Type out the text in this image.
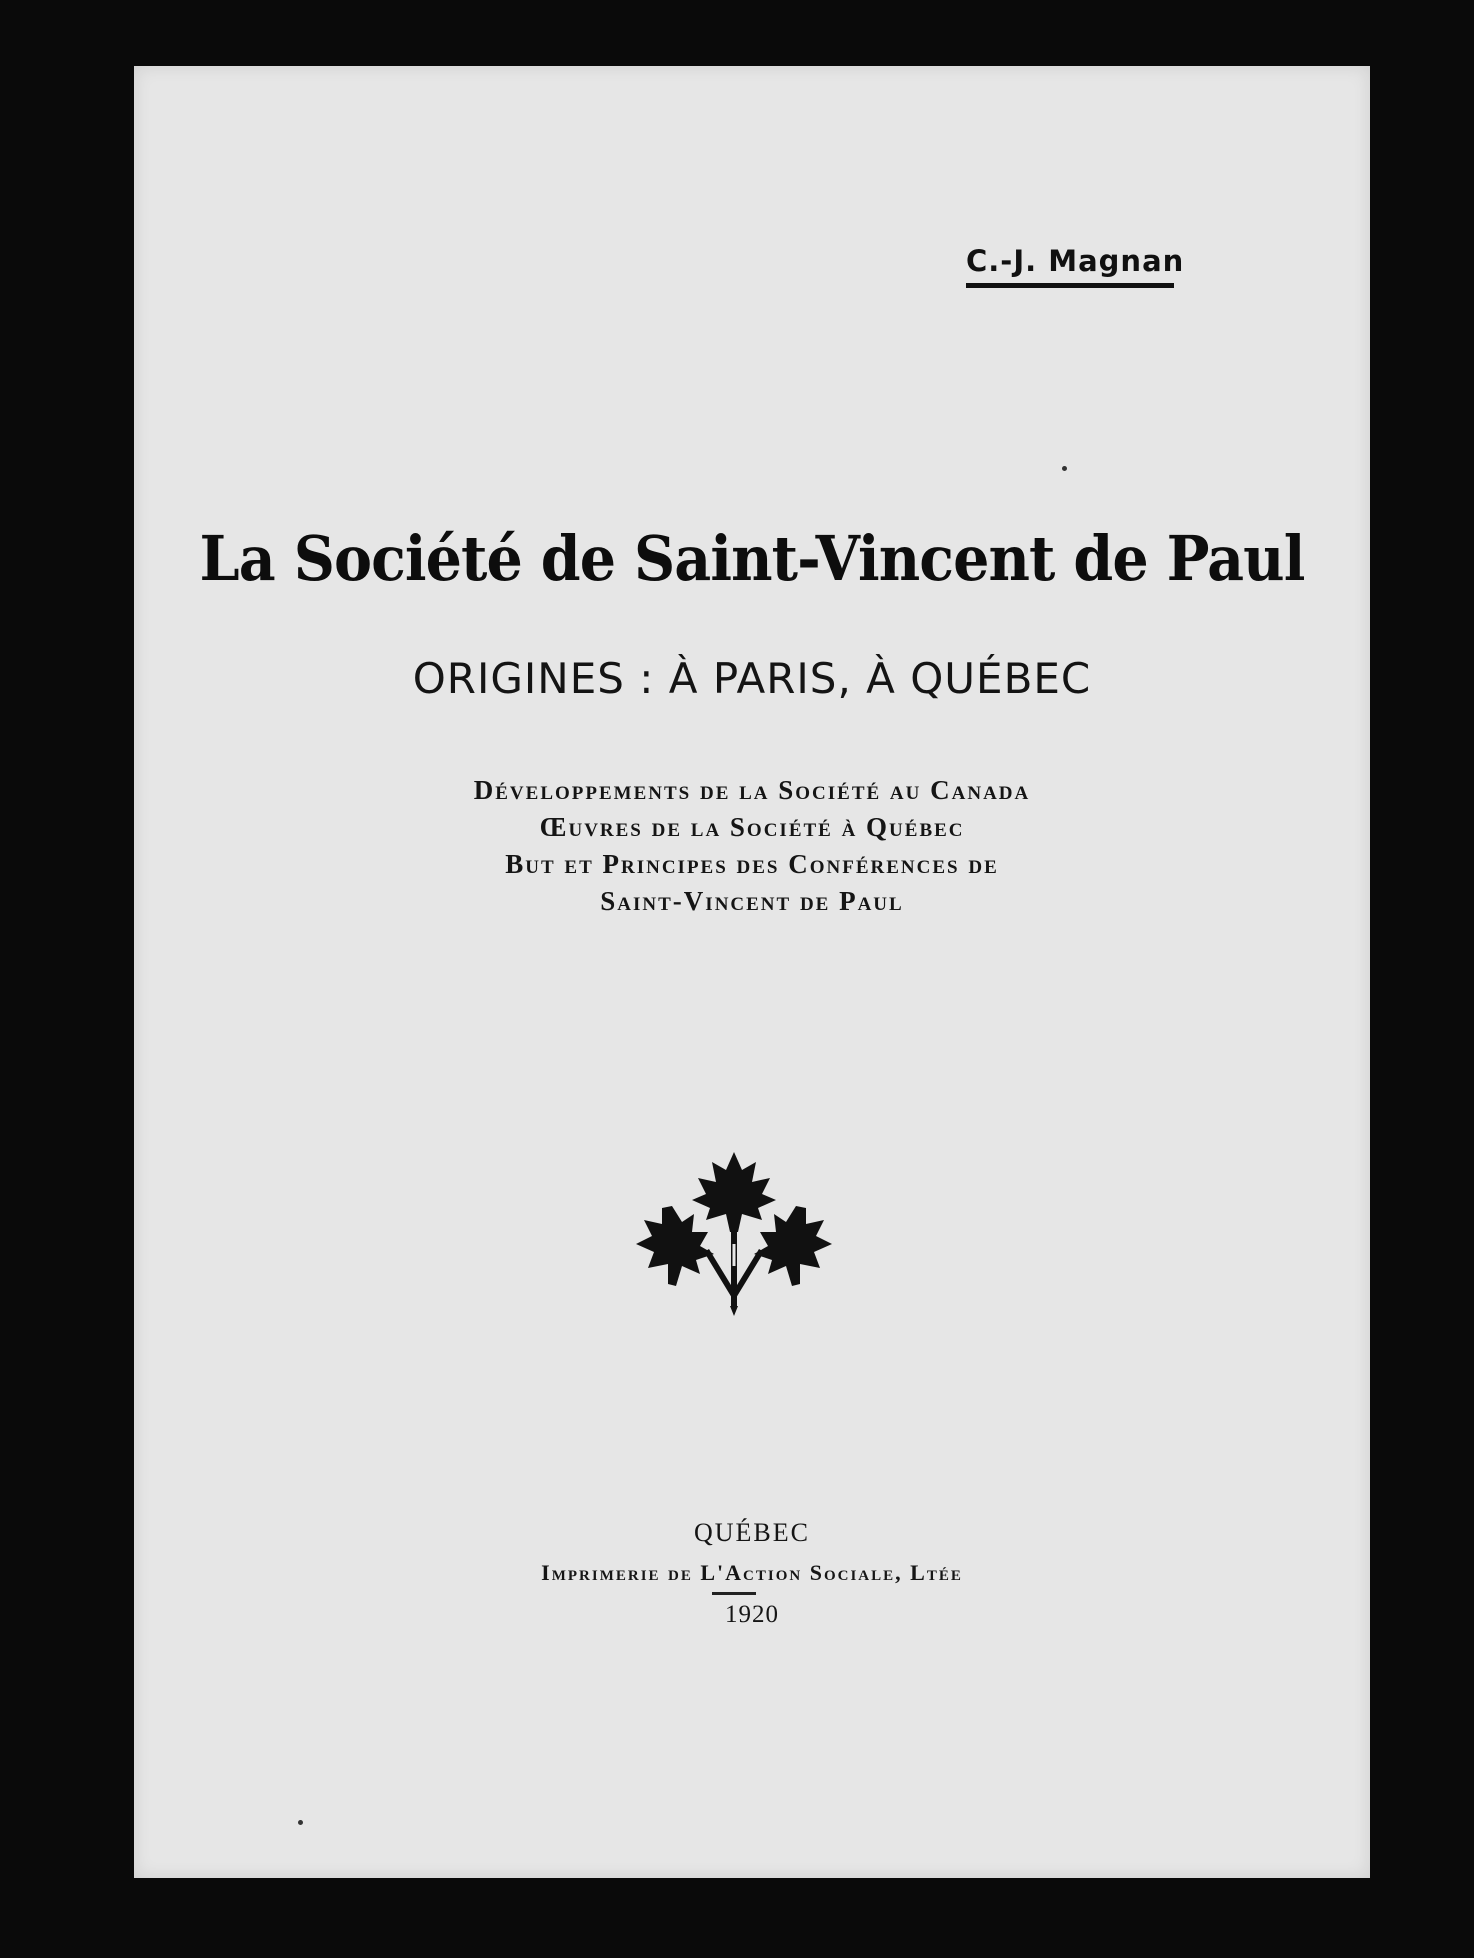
C.-J. Magnan
La Société de Saint-Vincent de Paul
ORIGINES : À PARIS, À QUÉBEC
Développements de la Société au Canada
Œuvres de la Société à Québec
But et Principes des Conférences de
Saint-Vincent de Paul
QUÉBEC
Imprimerie de L'Action Sociale, Ltée
1920
